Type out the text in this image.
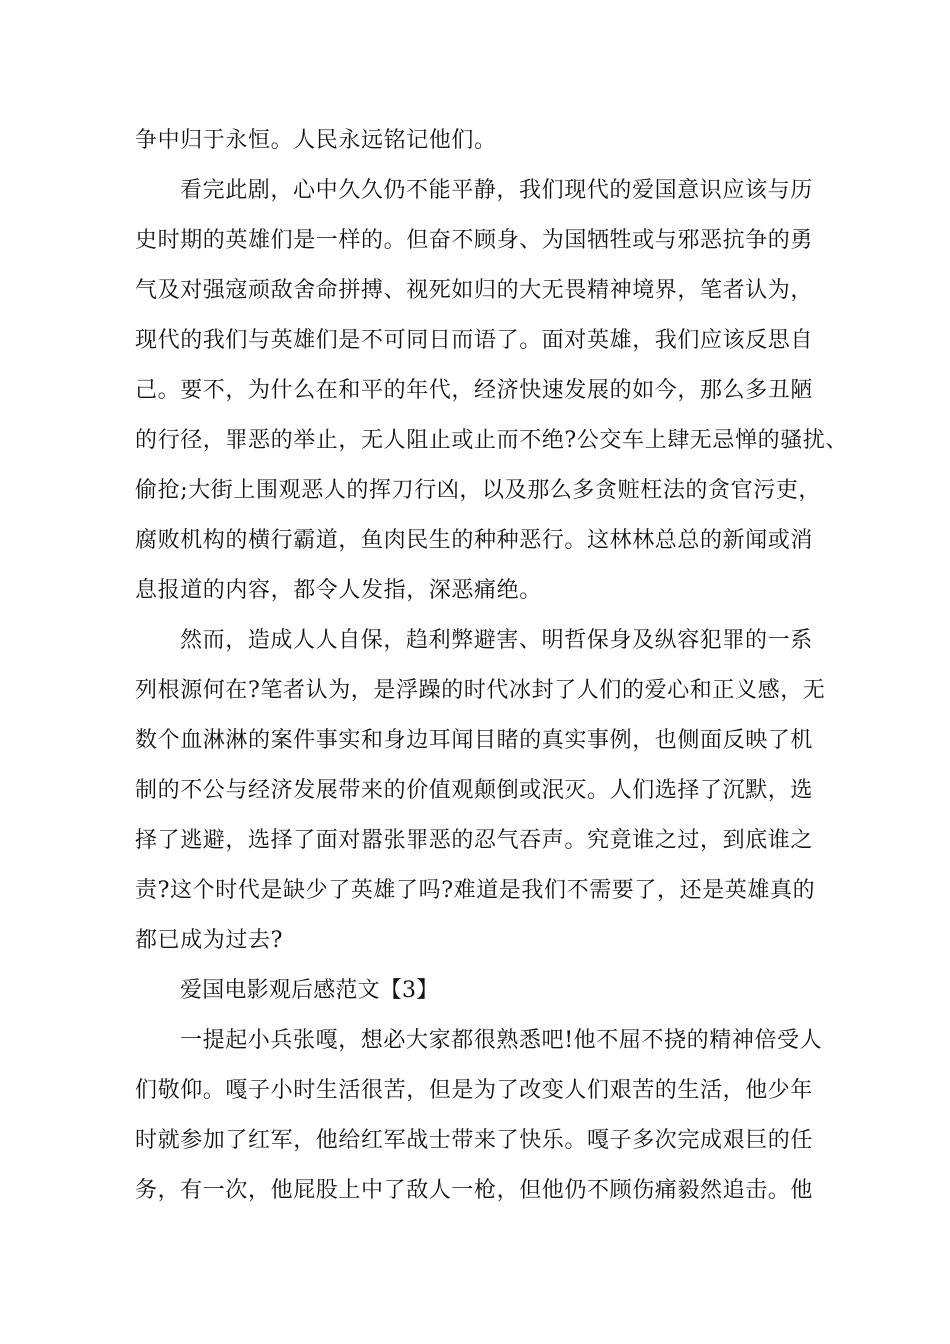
争中归于永恒。人民永远铭记他们。

看完此剧，心中久久仍不能平静，我们现代的爱国意识应该与历

史时期的英雄们是一样的。但奋不顾身、为国牺牲或与邪恶抗争的勇

气及对强寇顽敌舍命拼搏、视死如归的大无畏精神境界，笔者认为，

现代的我们与英雄们是不可同日而语了。面对英雄，我们应该反思自

己。要不，为什么在和平的年代，经济快速发展的如今，那么多丑陋

的行径，罪恶的举止，无人阻止或止而不绝?公交车上肆无忌惮的骚扰、

偷抢;大街上围观恶人的挥刀行凶，以及那么多贪赃枉法的贪官污吏，

腐败机构的横行霸道，鱼肉民生的种种恶行。这林林总总的新闻或消

息报道的内容，都令人发指，深恶痛绝。

然而，造成人人自保，趋利弊避害、明哲保身及纵容犯罪的一系

列根源何在?笔者认为，是浮躁的时代冰封了人们的爱心和正义感，无

数个血淋淋的案件事实和身边耳闻目睹的真实事例，也侧面反映了机

制的不公与经济发展带来的价值观颠倒或泯灭。人们选择了沉默，选

择了逃避，选择了面对嚣张罪恶的忍气吞声。究竟谁之过，到底谁之

责?这个时代是缺少了英雄了吗?难道是我们不需要了，还是英雄真的

都已成为过去?

爱国电影观后感范文【3】

一提起小兵张嘎，想必大家都很熟悉吧!他不屈不挠的精神倍受人

们敬仰。嘎子小时生活很苦，但是为了改变人们艰苦的生活，他少年

时就参加了红军，他给红军战士带来了快乐。嘎子多次完成艰巨的任

务，有一次，他屁股上中了敌人一枪，但他仍不顾伤痛毅然追击。他
